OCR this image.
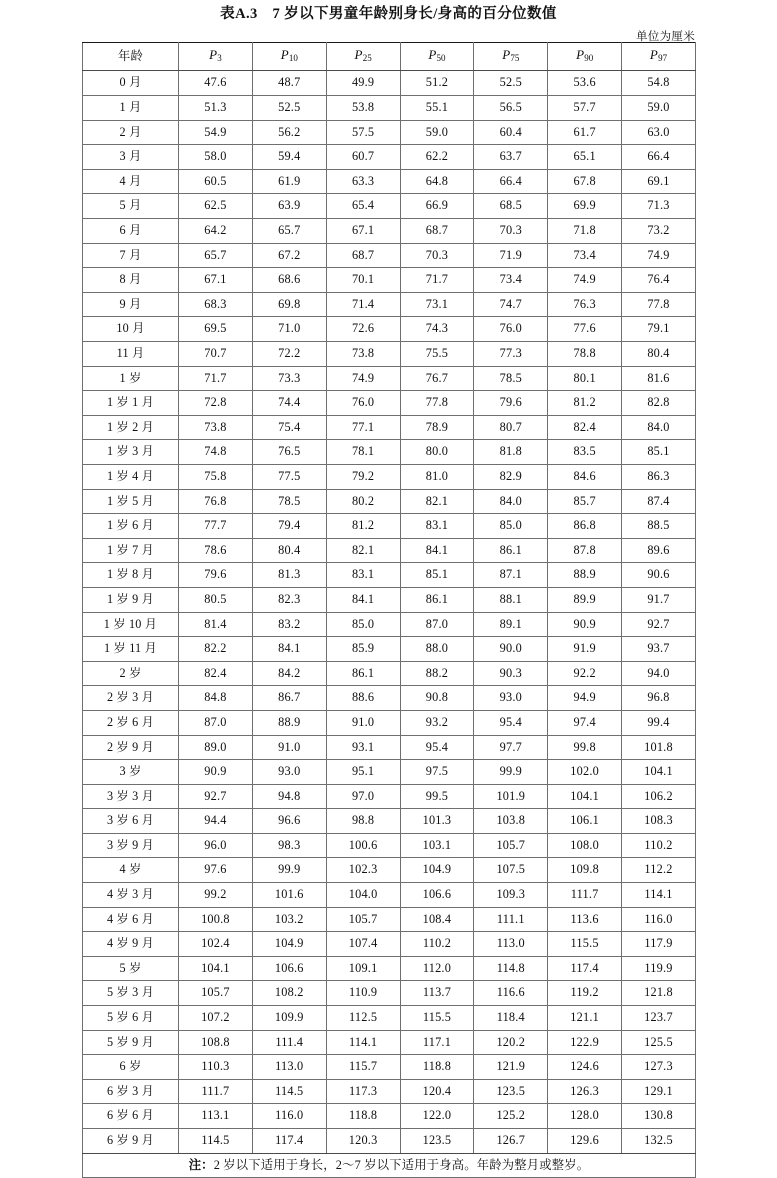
表A.3　7 岁以下男童年龄别身长/身高的百分位数值
单位为厘米
年龄	P3	P10	P25	P50	P75	P90	P97
0 月	47.6	48.7	49.9	51.2	52.5	53.6	54.8
1 月	51.3	52.5	53.8	55.1	56.5	57.7	59.0
2 月	54.9	56.2	57.5	59.0	60.4	61.7	63.0
3 月	58.0	59.4	60.7	62.2	63.7	65.1	66.4
4 月	60.5	61.9	63.3	64.8	66.4	67.8	69.1
5 月	62.5	63.9	65.4	66.9	68.5	69.9	71.3
6 月	64.2	65.7	67.1	68.7	70.3	71.8	73.2
7 月	65.7	67.2	68.7	70.3	71.9	73.4	74.9
8 月	67.1	68.6	70.1	71.7	73.4	74.9	76.4
9 月	68.3	69.8	71.4	73.1	74.7	76.3	77.8
10 月	69.5	71.0	72.6	74.3	76.0	77.6	79.1
11 月	70.7	72.2	73.8	75.5	77.3	78.8	80.4
1 岁	71.7	73.3	74.9	76.7	78.5	80.1	81.6
1 岁 1 月	72.8	74.4	76.0	77.8	79.6	81.2	82.8
1 岁 2 月	73.8	75.4	77.1	78.9	80.7	82.4	84.0
1 岁 3 月	74.8	76.5	78.1	80.0	81.8	83.5	85.1
1 岁 4 月	75.8	77.5	79.2	81.0	82.9	84.6	86.3
1 岁 5 月	76.8	78.5	80.2	82.1	84.0	85.7	87.4
1 岁 6 月	77.7	79.4	81.2	83.1	85.0	86.8	88.5
1 岁 7 月	78.6	80.4	82.1	84.1	86.1	87.8	89.6
1 岁 8 月	79.6	81.3	83.1	85.1	87.1	88.9	90.6
1 岁 9 月	80.5	82.3	84.1	86.1	88.1	89.9	91.7
1 岁 10 月	81.4	83.2	85.0	87.0	89.1	90.9	92.7
1 岁 11 月	82.2	84.1	85.9	88.0	90.0	91.9	93.7
2 岁	82.4	84.2	86.1	88.2	90.3	92.2	94.0
2 岁 3 月	84.8	86.7	88.6	90.8	93.0	94.9	96.8
2 岁 6 月	87.0	88.9	91.0	93.2	95.4	97.4	99.4
2 岁 9 月	89.0	91.0	93.1	95.4	97.7	99.8	101.8
3 岁	90.9	93.0	95.1	97.5	99.9	102.0	104.1
3 岁 3 月	92.7	94.8	97.0	99.5	101.9	104.1	106.2
3 岁 6 月	94.4	96.6	98.8	101.3	103.8	106.1	108.3
3 岁 9 月	96.0	98.3	100.6	103.1	105.7	108.0	110.2
4 岁	97.6	99.9	102.3	104.9	107.5	109.8	112.2
4 岁 3 月	99.2	101.6	104.0	106.6	109.3	111.7	114.1
4 岁 6 月	100.8	103.2	105.7	108.4	111.1	113.6	116.0
4 岁 9 月	102.4	104.9	107.4	110.2	113.0	115.5	117.9
5 岁	104.1	106.6	109.1	112.0	114.8	117.4	119.9
5 岁 3 月	105.7	108.2	110.9	113.7	116.6	119.2	121.8
5 岁 6 月	107.2	109.9	112.5	115.5	118.4	121.1	123.7
5 岁 9 月	108.8	111.4	114.1	117.1	120.2	122.9	125.5
6 岁	110.3	113.0	115.7	118.8	121.9	124.6	127.3
6 岁 3 月	111.7	114.5	117.3	120.4	123.5	126.3	129.1
6 岁 6 月	113.1	116.0	118.8	122.0	125.2	128.0	130.8
6 岁 9 月	114.5	117.4	120.3	123.5	126.7	129.6	132.5
注：2 岁以下适用于身长，2～7 岁以下适用于身高。年龄为整月或整岁。							
